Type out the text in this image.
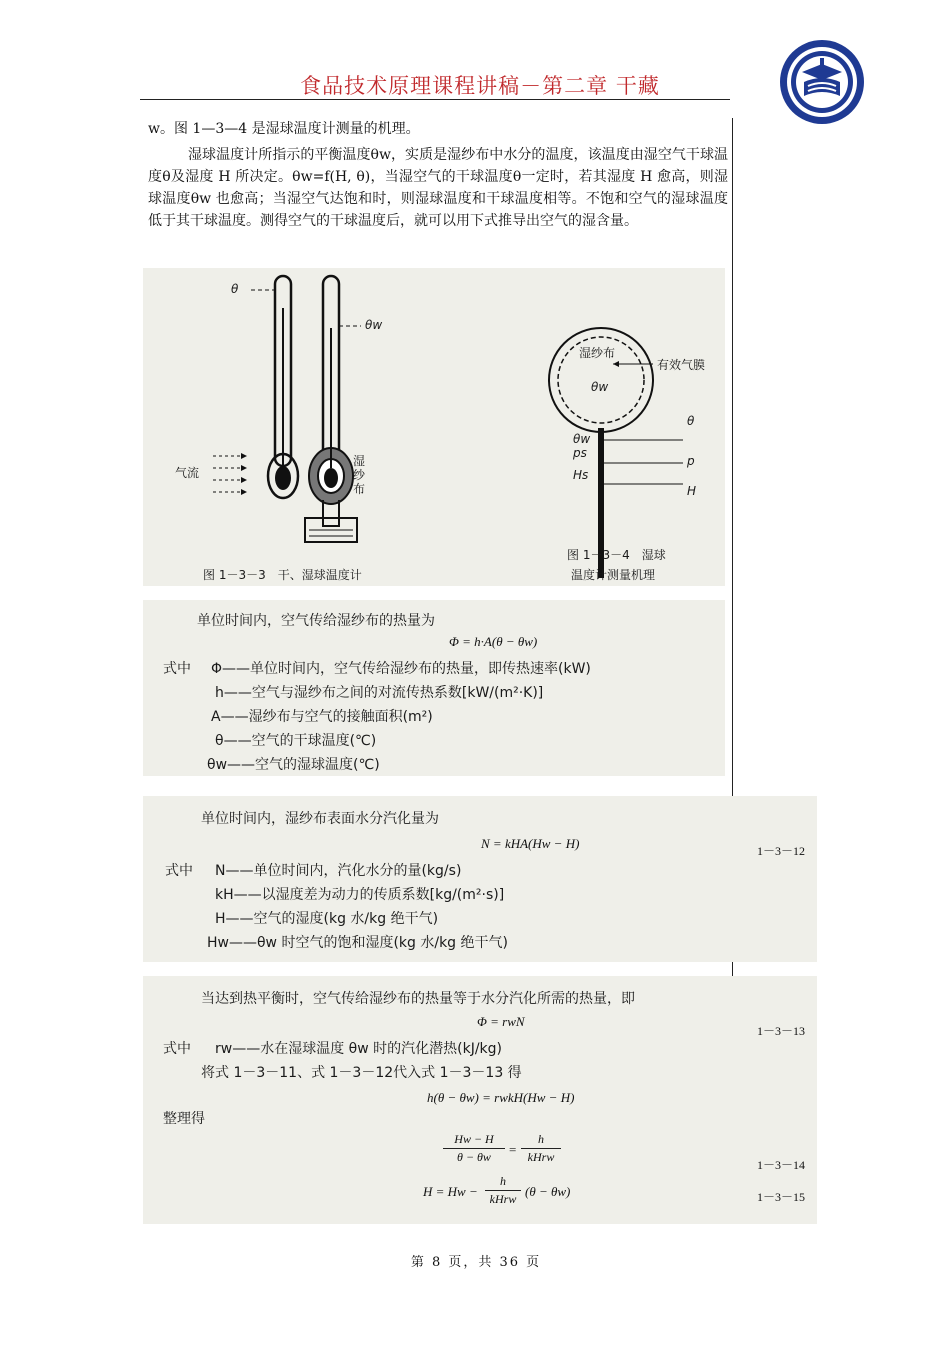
食品技术原理课程讲稿－第二章 干藏
w。图 1—3—4 是湿球温度计测量的机理。
湿球温度计所指示的平衡温度θw，实质是湿纱布中水分的温度，该温度由湿空气干球温度θ及湿度 H 所决定。θw=f(H, θ)，当湿空气的干球温度θ一定时，若其湿度 H 愈高，则湿球温度θw 也愈高；当湿空气达饱和时，则湿球温度和干球温度相等。不饱和空气的湿球温度低于其干球温度。测得空气的干球温度后，就可以用下式推导出空气的湿含量。
θ
θw
气流
湿纱布
湿纱布
有效气膜
θw
θ
θw
ps
p
Hs
H
图 1－3－3　干、湿球温度计
图 1－3－4　湿球
温度计测量机理
单位时间内，空气传给湿纱布的热量为
Φ = h·A(θ − θw)
式中 Φ——单位时间内，空气传给湿纱布的热量，即传热速率(kW)
h——空气与湿纱布之间的对流传热系数[kW/(m²·K)]
A——湿纱布与空气的接触面积(m²)
θ——空气的干球温度(℃)
θw——空气的湿球温度(℃)
单位时间内，湿纱布表面水分汽化量为
N = kHA(Hw − H)	1－3－12
式中 N——单位时间内，汽化水分的量(kg/s)
kH——以湿度差为动力的传质系数[kg/(m²·s)]
H——空气的湿度(kg 水/kg 绝干气)
Hw——θw 时空气的饱和湿度(kg 水/kg 绝干气)
当达到热平衡时，空气传给湿纱布的热量等于水分汽化所需的热量，即
Φ = rwN
1－3－13
式中 rw——水在湿球温度 θw 时的汽化潜热(kJ/kg)
将式 1－3－11、式 1－3－12代入式 1－3－13 得
h(θ − θw) = rwkH(Hw − H)
整理得
Hw − H
θ − θw	=
h
kHrw
1－3－14
H = Hw −
h
kHrw (θ − θw)	1－3－15
第 8 页，共 36 页
